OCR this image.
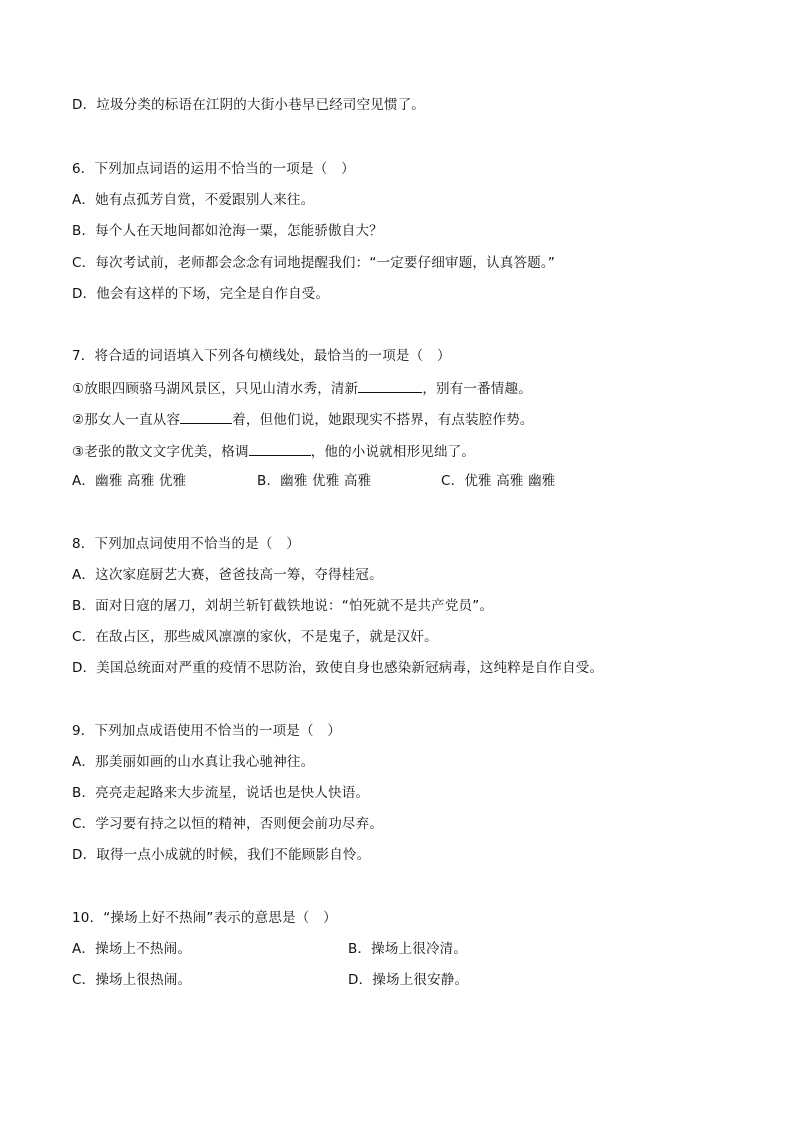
D．垃圾分类的标语在江阴的大街小巷早已经司空见惯了。
6．下列加点词语的运用不恰当的一项是（　）
A．她有点孤芳自赏，不爱跟别人来往。
B．每个人在天地间都如沧海一粟，怎能骄傲自大？
C．每次考试前，老师都会念念有词地提醒我们：“一定要仔细审题，认真答题。”
D．他会有这样的下场，完全是自作自受。
7．将合适的词语填入下列各句横线处，最恰当的一项是（　）
①放眼四顾骆马湖风景区，只见山清水秀，清新	，别有一番情趣。
②那女人一直从容	着，但他们说，她跟现实不搭界，有点装腔作势。
③老张的散文文字优美，格调	，他的小说就相形见绌了。
A．幽雅 高雅 优雅	B．幽雅 优雅 高雅	C．优雅 高雅 幽雅
8．下列加点词使用不恰当的是（　）
A．这次家庭厨艺大赛，爸爸技高一筹，夺得桂冠。
B．面对日寇的屠刀，刘胡兰斩钉截铁地说：“怕死就不是共产党员”。
C．在敌占区，那些威风凛凛的家伙，不是鬼子，就是汉奸。
D．美国总统面对严重的疫情不思防治，致使自身也感染新冠病毒，这纯粹是自作自受。
9．下列加点成语使用不恰当的一项是（　）
A．那美丽如画的山水真让我心驰神往。
B．亮亮走起路来大步流星，说话也是快人快语。
C．学习要有持之以恒的精神，否则便会前功尽弃。
D．取得一点小成就的时候，我们不能顾影自怜。
10．“操场上好不热闹”表示的意思是（　）
A．操场上不热闹。	B．操场上很冷清。
C．操场上很热闹。	D．操场上很安静。
